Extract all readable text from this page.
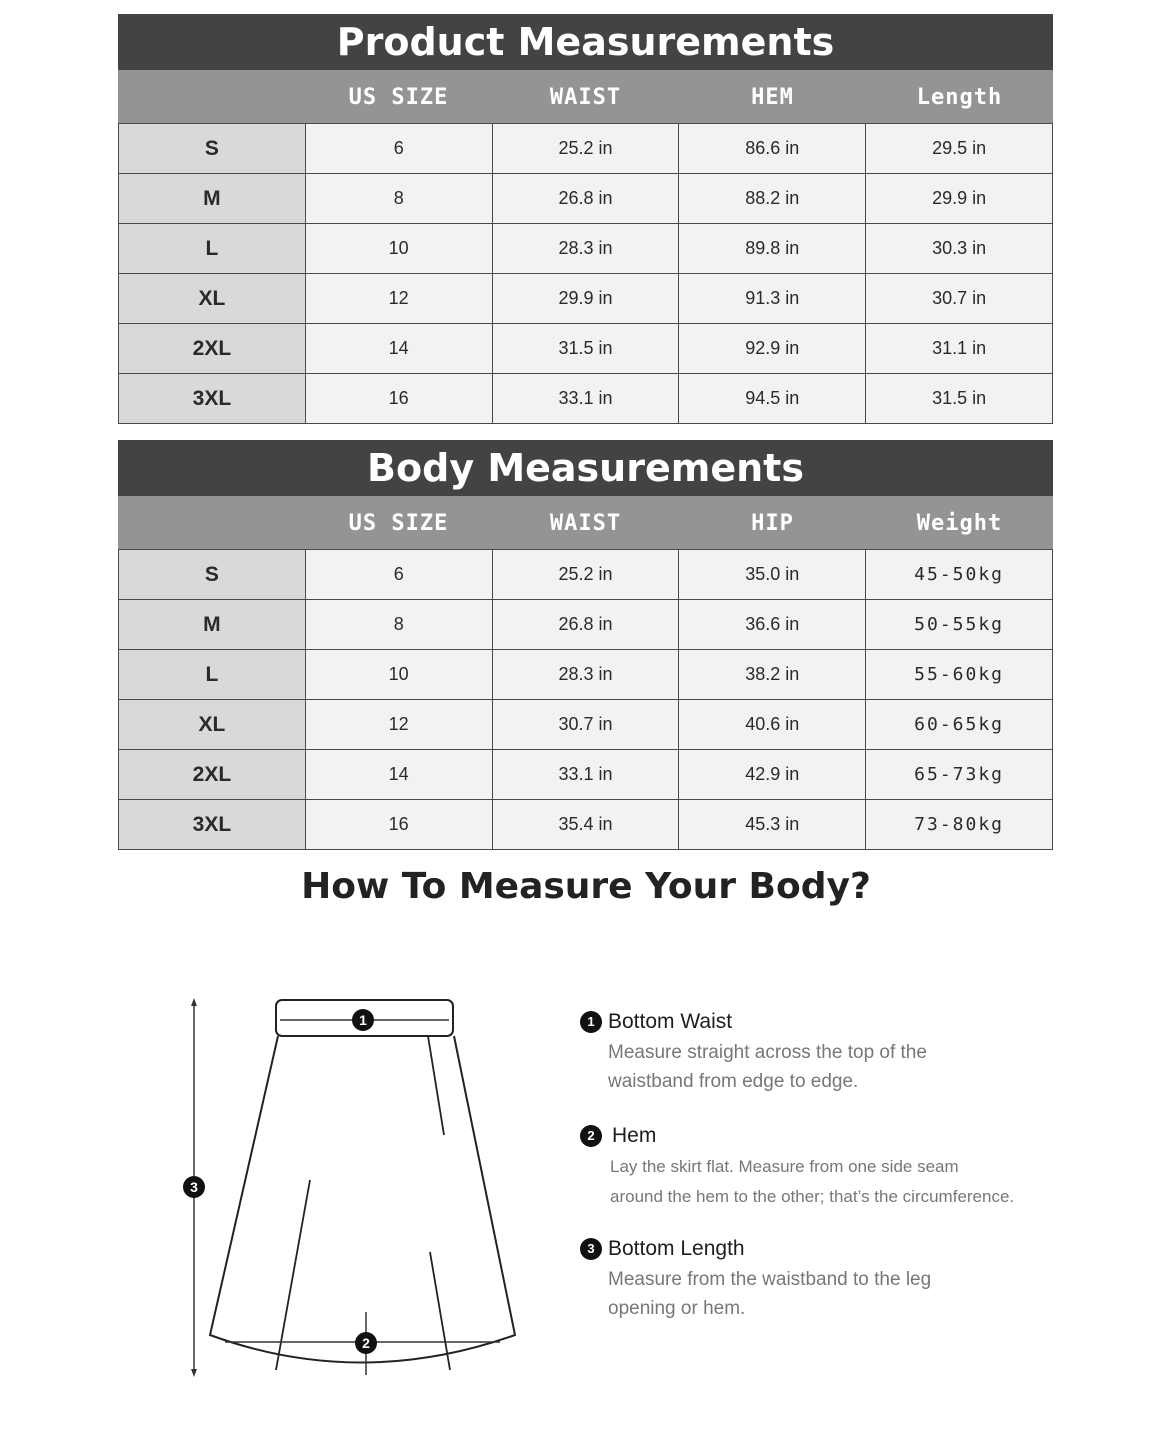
Product Measurements
US SIZE	WAIST	HEM	Length
S	6	25.2 in	86.6 in	29.5 in
M	8	26.8 in	88.2 in	29.9 in
L	10	28.3 in	89.8 in	30.3 in
XL	12	29.9 in	91.3 in	30.7 in
2XL	14	31.5 in	92.9 in	31.1 in
3XL	16	33.1 in	94.5 in	31.5 in
Body Measurements
US SIZE	WAIST	HIP	Weight
S	6	25.2 in	35.0 in	45-50kg
M	8	26.8 in	36.6 in	50-55kg
L	10	28.3 in	38.2 in	55-60kg
XL	12	30.7 in	40.6 in	60-65kg
2XL	14	33.1 in	42.9 in	65-73kg
3XL	16	35.4 in	45.3 in	73-80kg
How To Measure Your Body?
1
2
3
1 Bottom Waist
Measure straight across the top of the
waistband from edge to edge.
2 Hem
Lay the skirt flat. Measure from one side seam
around the hem to the other; that’s the circumference.
3 Bottom Length
Measure from the waistband to the leg
opening or hem.
